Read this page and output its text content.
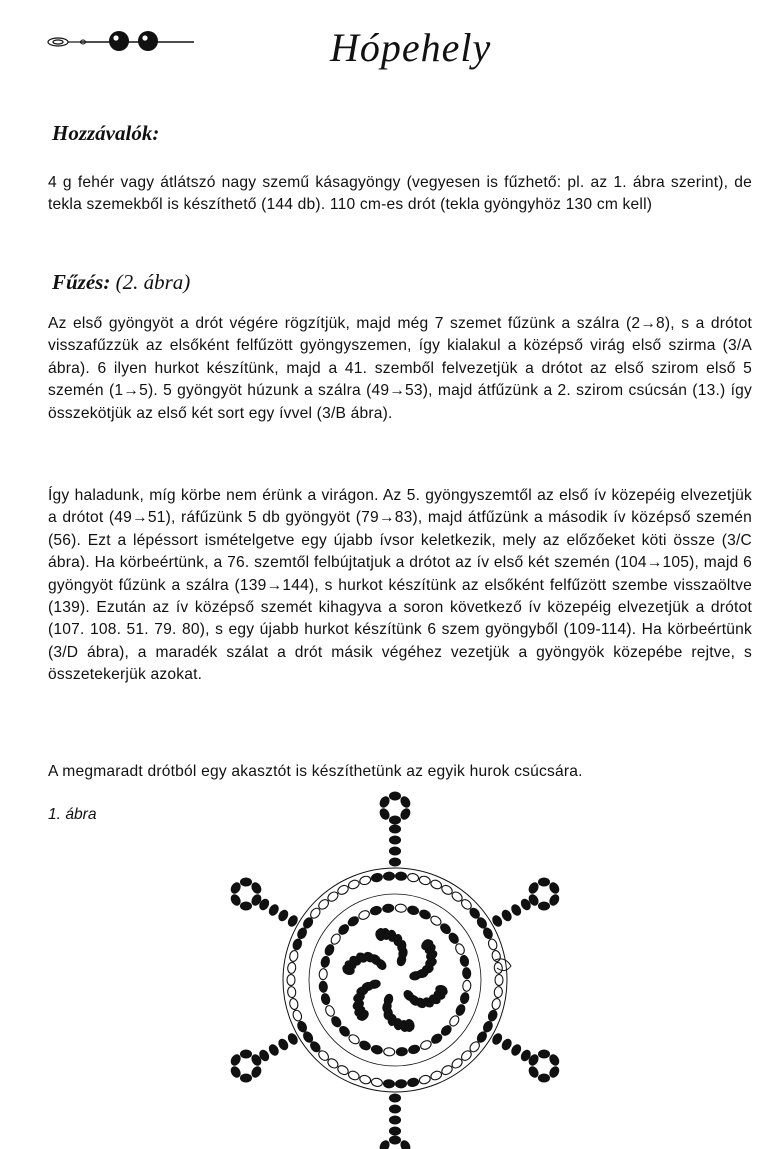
Hópehely
Hozzávalók:

4 g fehér vagy átlátszó nagy szemű kásagyöngy (vegyesen is fűzhető: pl. az 1. ábra szerint), de tekla szemekből is készíthető (144 db). 110 cm-es drót (tekla gyöngyhöz 130 cm kell)

Fűzés: (2. ábra)

Az első gyöngyöt a drót végére rögzítjük, majd még 7 szemet fűzünk a szálra (2→8), s a drótot visszafűzzük az elsőként felfűzött gyöngyszemen, így kialakul a középső virág első szirma (3/A ábra). 6 ilyen hurkot készítünk, majd a 41. szemből felvezetjük a drótot az első szirom első 5 szemén (1→5). 5 gyöngyöt húzunk a szálra (49→53), majd átfűzünk a 2. szirom csúcsán (13.) így összekötjük az első két sort egy ívvel (3/B ábra).

Így haladunk, míg körbe nem érünk a virágon. Az 5. gyöngyszemtől az első ív közepéig elvezetjük a drótot (49→51), ráfűzünk 5 db gyöngyöt (79→83), majd átfűzünk a második ív középső szemén (56). Ezt a lépéssort ismételgetve egy újabb ívsor keletkezik, mely az előzőeket köti össze (3/C ábra). Ha körbeértünk, a 76. szemtől felbújtatjuk a drótot az ív első két szemén (104→105), majd 6 gyöngyöt fűzünk a szálra (139→144), s hurkot készítünk az elsőként felfűzött szembe visszaöltve (139). Ezután az ív középső szemét kihagyva a soron következő ív közepéig elvezetjük a drótot (107. 108. 51. 79. 80), s egy újabb hurkot készítünk 6 szem gyöngyből (109-114). Ha körbeértünk (3/D ábra), a maradék szálat a drót másik végéhez vezetjük a gyöngyök közepébe rejtve, s összetekerjük azokat.

A megmaradt drótból egy akasztót is készíthetünk az egyik hurok csúcsára.

1. ábra
